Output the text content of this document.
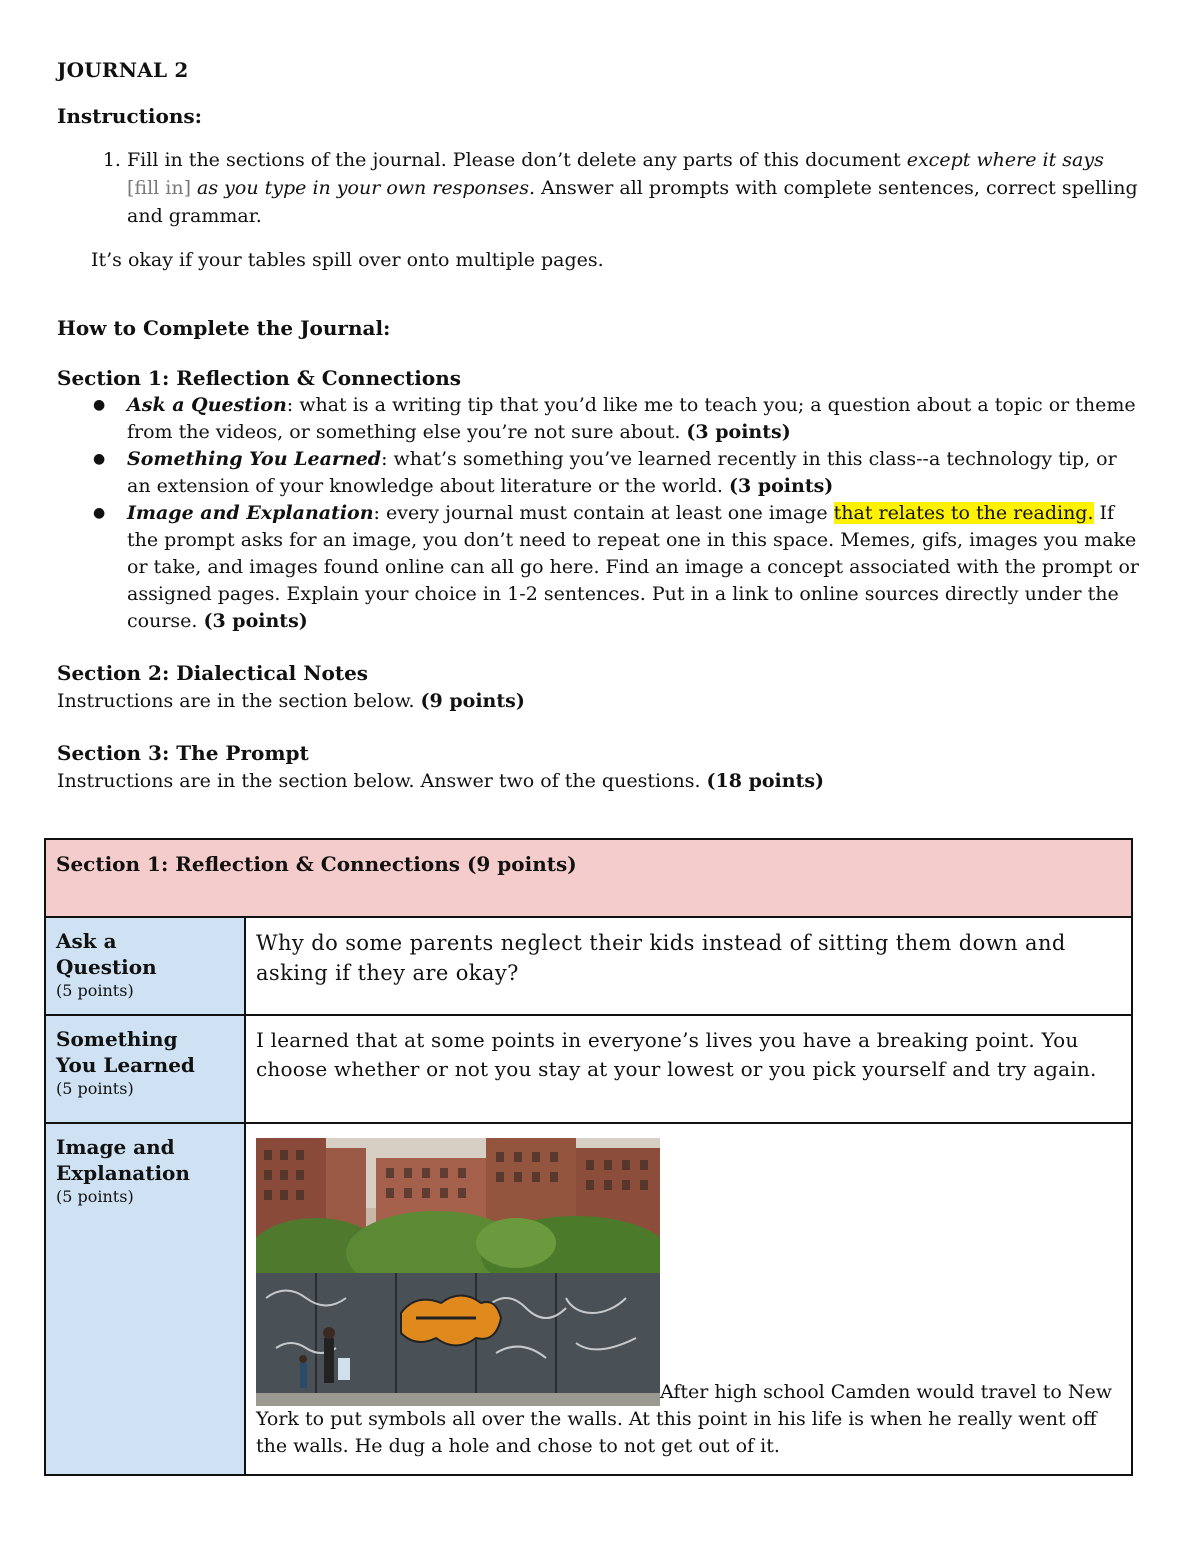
JOURNAL 2
Instructions:
1. Fill in the sections of the journal. Please don’t delete any parts of this document except where it says [fill in] as you type in your own responses. Answer all prompts with complete sentences, correct spelling and grammar.
It’s okay if your tables spill over onto multiple pages.
How to Complete the Journal:
Section 1: Reflection & Connections
● Ask a Question: what is a writing tip that you’d like me to teach you; a question about a topic or theme from the videos, or something else you’re not sure about. (3 points)
● Something You Learned: what’s something you’ve learned recently in this class--a technology tip, or an extension of your knowledge about literature or the world. (3 points)
● Image and Explanation: every journal must contain at least one image that relates to the reading. If the prompt asks for an image, you don’t need to repeat one in this space. Memes, gifs, images you make or take, and images found online can all go here. Find an image a concept associated with the prompt or assigned pages. Explain your choice in 1-2 sentences. Put in a link to online sources directly under the course. (3 points)
Section 2: Dialectical Notes

Instructions are in the section below. (9 points)

Section 3: The Prompt

Instructions are in the section below. Answer two of the questions. (18 points)

Section 1: Reflection & Connections (9 points)	

Ask a
Question
(5 points)	Why do some parents neglect their kids instead of sitting them down and asking if they are okay?

Something
You Learned
(5 points)	I learned that at some points in everyone’s lives you have a breaking point. You choose whether or not you stay at your lowest or you pick yourself and try again.

Image and
Explanation
(5 points)	After high school Camden would travel to New York to put symbols all over the walls. At this point in his life is when he really went off the walls. He dug a hole and chose to not get out of it.
